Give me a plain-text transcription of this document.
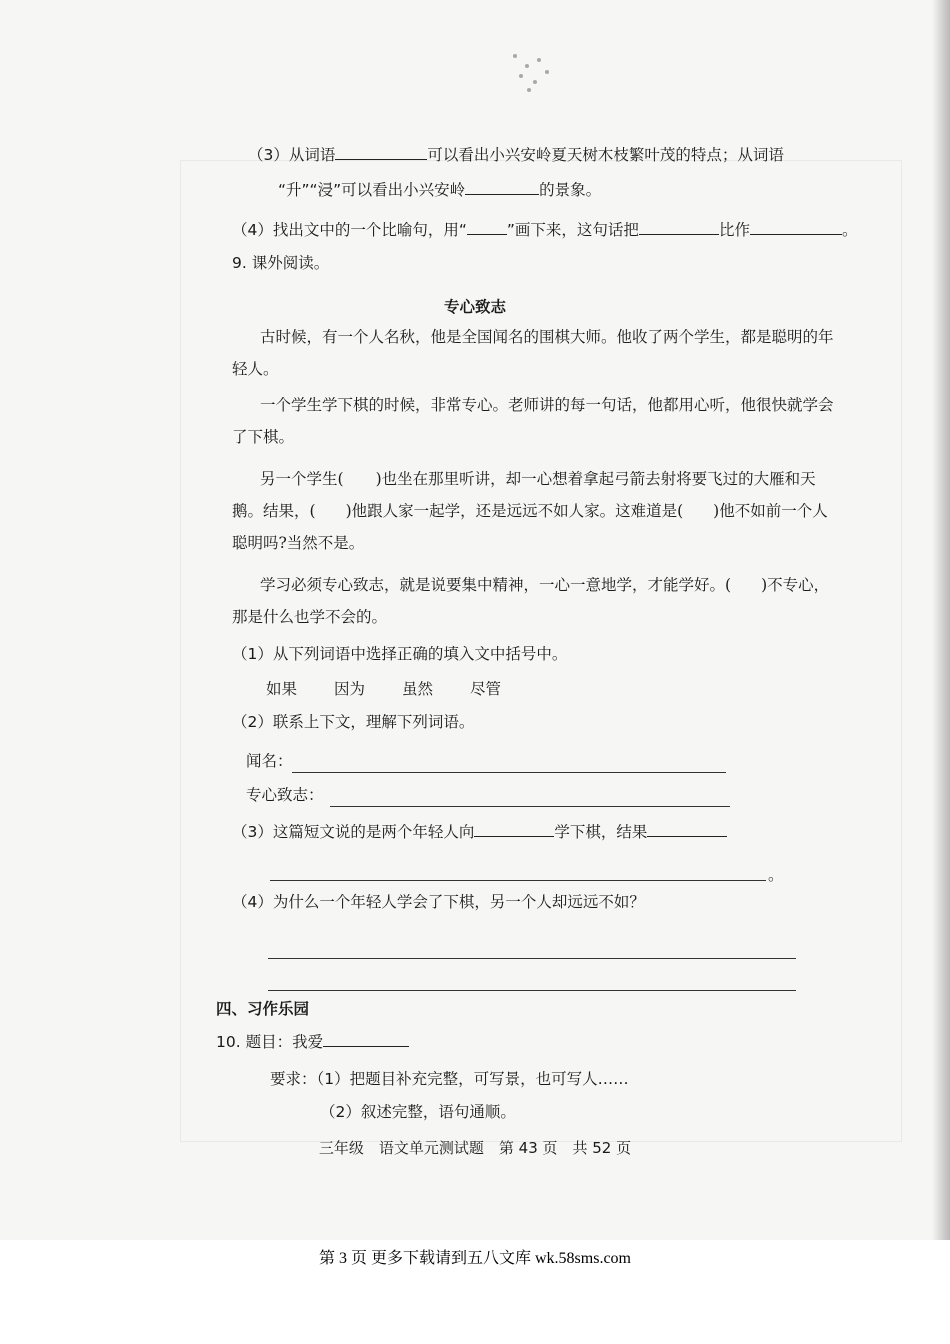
（3）从词语	可以看出小兴安岭夏天树木枝繁叶茂的特点；从词语
“升”“浸”可以看出小兴安岭	的景象。
（4）找出文中的一个比喻句，用“	”画下来，这句话把	比作	。
9. 课外阅读。
专心致志
古时候，有一个人名秋，他是全国闻名的围棋大师。他收了两个学生，都是聪明的年
轻人。
一个学生学下棋的时候，非常专心。老师讲的每一句话，他都用心听，他很快就学会
了下棋。
另一个学生( )也坐在那里听讲，却一心想着拿起弓箭去射将要飞过的大雁和天
鹅。结果，( )他跟人家一起学，还是远远不如人家。这难道是( )他不如前一个人
聪明吗?当然不是。
学习必须专心致志，就是说要集中精神，一心一意地学，才能学好。( )不专心，
那是什么也学不会的。
（1）从下列词语中选择正确的填入文中括号中。
如果 因为 虽然 尽管
（2）联系上下文，理解下列词语。
闻名：
专心致志：
（3）这篇短文说的是两个年轻人向	学下棋，结果
。
（4）为什么一个年轻人学会了下棋，另一个人却远远不如？
四、习作乐园
10. 题目：我爱
要求：（1）把题目补充完整，可写景，也可写人……
（2）叙述完整，语句通顺。
三年级　语文单元测试题　第 43 页　共 52 页
第 3 页 更多下载请到五八文库 wk.58sms.com
